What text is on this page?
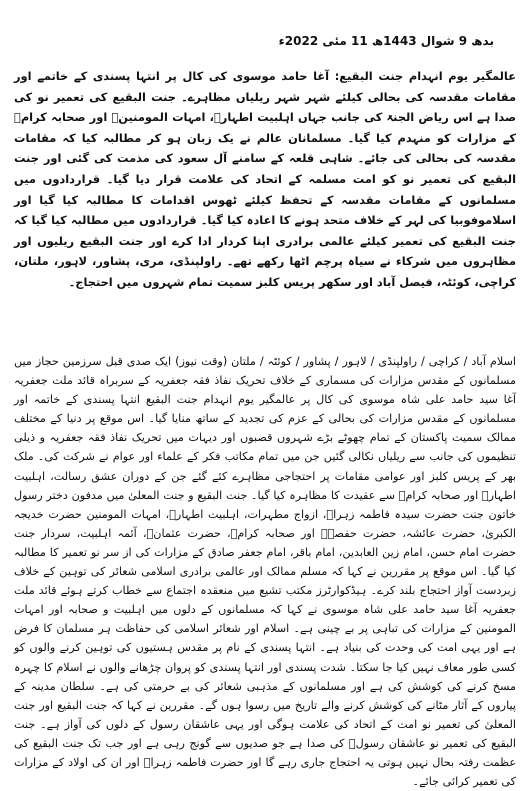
بدھ 9 شوال 1443ھ 11 مئی 2022ء

عالمگیر یوم انہدام جنت البقیع: آغا حامد موسوی کی کال پر انتہا پسندی کے خاتمے اور مقامات مقدسہ کی بحالی کیلئے شہر شہر ریلیاں مظاہرے۔ جنت البقیع کی تعمیر نو کی صدا ہے اس ریاض الجنۃ کی جانب جہاں اہلبیت اطہارؑ، امہات المومنینؓ اور صحابہ کرامؓ کے مزارات کو منہدم کیا گیا۔ مسلمانان عالم نے یک زبان ہو کر مطالبہ کیا کہ مقامات مقدسہ کی بحالی کی جائے۔ شاہی قلعہ کے سامنے آل سعود کی مذمت کی گئی اور جنت البقیع کی تعمیر نو کو امت مسلمہ کے اتحاد کی علامت قرار دیا گیا۔ قراردادوں میں مسلمانوں کے مقامات مقدسہ کے تحفظ کیلئے ٹھوس اقدامات کا مطالبہ کیا گیا اور اسلاموفوبیا کی لہر کے خلاف متحد ہونے کا اعادہ کیا گیا۔ قراردادوں میں مطالبہ کیا گیا کہ جنت البقیع کی تعمیر کیلئے عالمی برادری اپنا کردار ادا کرے اور جنت البقیع ریلیوں اور مظاہروں میں شرکاء نے سیاہ پرچم اٹھا رکھے تھے۔ راولپنڈی، مری، پشاور، لاہور، ملتان، کراچی، کوئٹہ، فیصل آباد اور سکھر پریس کلبز سمیت تمام شہروں میں احتجاج۔

اسلام آباد / کراچی / راولپنڈی / لاہور / پشاور / کوئٹہ / ملتان (وقت نیوز) ایک صدی قبل سرزمین حجاز میں مسلمانوں کے مقدس مزارات کی مسماری کے خلاف تحریک نفاذ فقہ جعفریہ کے سربراہ قائد ملت جعفریہ آغا سید حامد علی شاہ موسوی کی کال پر عالمگیر یوم انہدام جنت البقیع انتہا پسندی کے خاتمہ اور مسلمانوں کے مقدس مزارات کی بحالی کے عزم کی تجدید کے ساتھ منایا گیا۔ اس موقع پر دنیا کے مختلف ممالک سمیت پاکستان کے تمام چھوٹے بڑے شہروں قصبوں اور دیہات میں تحریک نفاذ فقہ جعفریہ و ذیلی تنظیموں کی جانب سے ریلیاں نکالی گئیں جن میں تمام مکاتب فکر کے علماء اور عوام نے شرکت کی۔ ملک بھر کے پریس کلبز اور عوامی مقامات پر احتجاجی مظاہرے کئے گئے جن کے دوران عشق رسالت، اہلبیت اطہارؑ اور صحابہ کرامؓ سے عقیدت کا مظاہرہ کیا گیا۔ جنت البقیع و جنت المعلیٰ میں مدفون دختر رسول خاتون جنت حضرت سیدہ فاطمہ زہراؑ، ازواج مطہرات، اہلبیت اطہارؑ، امہات المومنین حضرت خدیجہ الکبریٰ، حضرت عائشہ، حضرت حفصہؓ اور صحابہ کرامؓ، حضرت عثمانؓ، آئمہ اہلبیت، سردار جنت حضرت امام حسن، امام زین العابدین، امام باقر، امام جعفر صادق کے مزارات کی از سر نو تعمیر کا مطالبہ کیا گیا۔ اس موقع پر مقررین نے کہا کہ مسلم ممالک اور عالمی برادری اسلامی شعائر کی توہین کے خلاف زبردست آواز احتجاج بلند کرے۔ ہیڈکوارٹرز مکتب تشیع میں منعقدہ اجتماع سے خطاب کرتے ہوئے قائد ملت جعفریہ آغا سید حامد علی شاہ موسوی نے کہا کہ مسلمانوں کے دلوں میں اہلبیت و صحابہ اور امہات المومنین کے مزارات کی تباہی پر بے چینی ہے۔ اسلام اور شعائر اسلامی کی حفاظت ہر مسلمان کا فرض ہے اور یہی امت کی وحدت کی بنیاد ہے۔ انتہا پسندی کے نام پر مقدس ہستیوں کی توہین کرنے والوں کو کسی طور معاف نہیں کیا جا سکتا۔ شدت پسندی اور انتہا پسندی کو پروان چڑھانے والوں نے اسلام کا چہرہ مسخ کرنے کی کوشش کی ہے اور مسلمانوں کے مذہبی شعائر کی بے حرمتی کی ہے۔ سلطان مدینہ کے پیاروں کے آثار مٹانے کی کوشش کرنے والے تاریخ میں رسوا ہوں گے۔ مقررین نے کہا کہ جنت البقیع اور جنت المعلیٰ کی تعمیر نو امت کے اتحاد کی علامت ہوگی اور یہی عاشقان رسول کے دلوں کی آواز ہے۔ جنت البقیع کی تعمیر نو عاشقان رسولؐ کی صدا ہے جو صدیوں سے گونج رہی ہے اور جب تک جنت البقیع کی عظمت رفتہ بحال نہیں ہوتی یہ احتجاج جاری رہے گا اور حضرت فاطمہ زہراؑ اور ان کی اولاد کے مزارات کی تعمیر کرائی جائے۔
